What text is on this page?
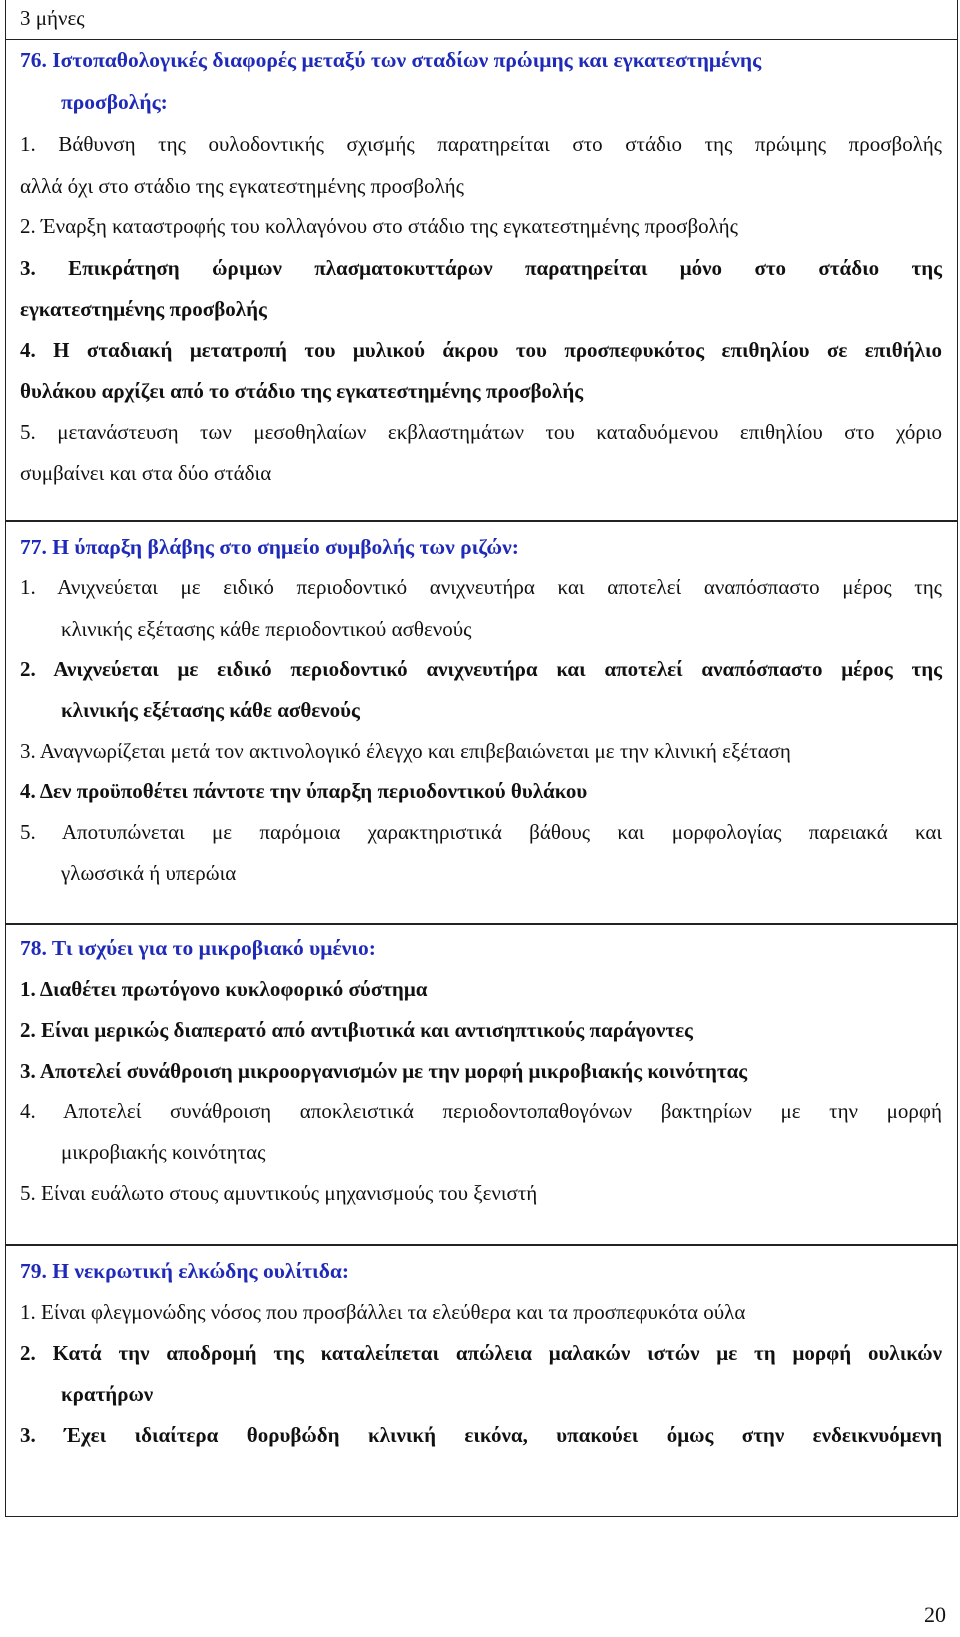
3 μήνες
76. Ιστοπαθολογικές διαφορές μεταξύ των σταδίων πρώιμης και εγκατεστημένης
προσβολής:
1. Βάθυνση της ουλοδοντικής σχισμής παρατηρείται στο στάδιο της πρώιμης προσβολής
αλλά όχι στο στάδιο της εγκατεστημένης προσβολής
2. Έναρξη καταστροφής του κολλαγόνου στο στάδιο της εγκατεστημένης προσβολής
3. Επικράτηση ώριμων πλασματοκυττάρων παρατηρείται μόνο στο στάδιο της
εγκατεστημένης προσβολής
4. Η σταδιακή μετατροπή του μυλικού άκρου του προσπεφυκότος επιθηλίου σε επιθήλιο
θυλάκου αρχίζει από το στάδιο της εγκατεστημένης προσβολής
5. μετανάστευση των μεσοθηλαίων εκβλαστημάτων του καταδυόμενου επιθηλίου στο χόριο
συμβαίνει και στα δύο στάδια
77. Η ύπαρξη βλάβης στο σημείο συμβολής των ριζών:
1. Ανιχνεύεται με ειδικό περιοδοντικό ανιχνευτήρα και αποτελεί αναπόσπαστο μέρος της
κλινικής εξέτασης κάθε περιοδοντικού ασθενούς
2. Ανιχνεύεται με ειδικό περιοδοντικό ανιχνευτήρα και αποτελεί αναπόσπαστο μέρος της
κλινικής εξέτασης κάθε ασθενούς
3. Αναγνωρίζεται μετά τον ακτινολογικό έλεγχο και επιβεβαιώνεται με την κλινική εξέταση
4. Δεν προϋποθέτει πάντοτε την ύπαρξη περιοδοντικού θυλάκου
5. Αποτυπώνεται με παρόμοια χαρακτηριστικά βάθους και μορφολογίας παρειακά και
γλωσσικά ή υπερώια
78. Τι ισχύει για το μικροβιακό υμένιο:
1. Διαθέτει πρωτόγονο κυκλοφορικό σύστημα
2. Είναι μερικώς διαπερατό από αντιβιοτικά και αντισηπτικούς παράγοντες
3. Αποτελεί συνάθροιση μικροοργανισμών με την μορφή μικροβιακής κοινότητας
4. Αποτελεί συνάθροιση αποκλειστικά περιοδοντοπαθογόνων βακτηρίων με την μορφή
μικροβιακής κοινότητας
5. Είναι ευάλωτο στους αμυντικούς μηχανισμούς του ξενιστή
79. Η νεκρωτική ελκώδης ουλίτιδα:
1. Είναι φλεγμονώδης νόσος που προσβάλλει τα ελεύθερα και τα προσπεφυκότα ούλα
2. Κατά την αποδρομή της καταλείπεται απώλεια μαλακών ιστών με τη μορφή ουλικών
κρατήρων
3. Έχει ιδιαίτερα θορυβώδη κλινική εικόνα, υπακούει όμως στην ενδεικνυόμενη
20
